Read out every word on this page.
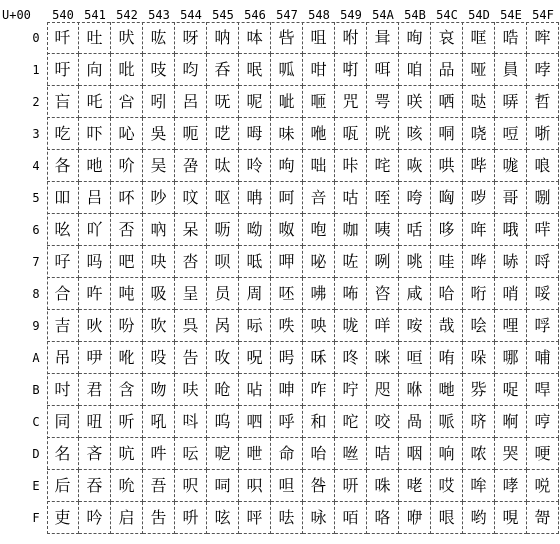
U+00	540 541 542 543 544 545 546 547 548 549 54A 54B 54C 54D 54E 54F
0
1
2
3
4
5
6
7
8
9
A
B
C
D
E
F
吀
吁
吂
吃
各
吅
吆
吇
合
吉
吊
吋
同
名
后
吏
吐
向
吒
吓
吔
吕
吖
吗
吘
吙
吚
君
吜
吝
吞
吟
吠
吡
吢
吣
吤
吥
否
吧
吨
吩
吪
含
听
吭
吮
启
吰
吱
吲
吳
吴
吵
吶
吷
吸
吹
吺
吻
吼
吽
吾
吿
呀
呁
呂
呃
呄
呅
呆
呇
呈
呉
告
呋
呌
呍
呎
呏
呐
呑
呒
呓
呔
呕
呖
呗
员
呙
呚
呛
呜
呝
呞
呟
呠
呡
呢
呣
呤
呥
呦
呧
周
呩
呪
呫
呬
呭
呮
呯
呰
呱
呲
味
呴
呵
呶
呷
呸
呹
呺
呻
呼
命
呾
呿
咀
咁
咂
咃
咄
咅
咆
咇
咈
咉
咊
咋
和
咍
咎
咏
咐
咑
咒
咓
咔
咕
咖
咗
咘
咙
咚
咛
咜
咝
咞
咟
咠
咡
咢
咣
咤
咥
咦
咧
咨
咩
咪
咫
咬
咭
咮
咯
咰
咱
咲
咳
咴
咵
咶
咷
咸
咹
咺
咻
咼
咽
咾
咿
哀
品
哂
哃
哄
哅
哆
哇
哈
哉
哊
哋
哌
响
哎
哏
哐
哑
哒
哓
哔
哕
哖
哗
哘
哙
哚
哛
哜
哝
哞
哟
哠
員
哢
哣
哤
哥
哦
哧
哨
哩
哪
哫
哬
哭
哮
哯
哰
哱
哲
哳
哴
哵
哶
哷
哸
哹
哺
哻
哼
哽
哾
哿
